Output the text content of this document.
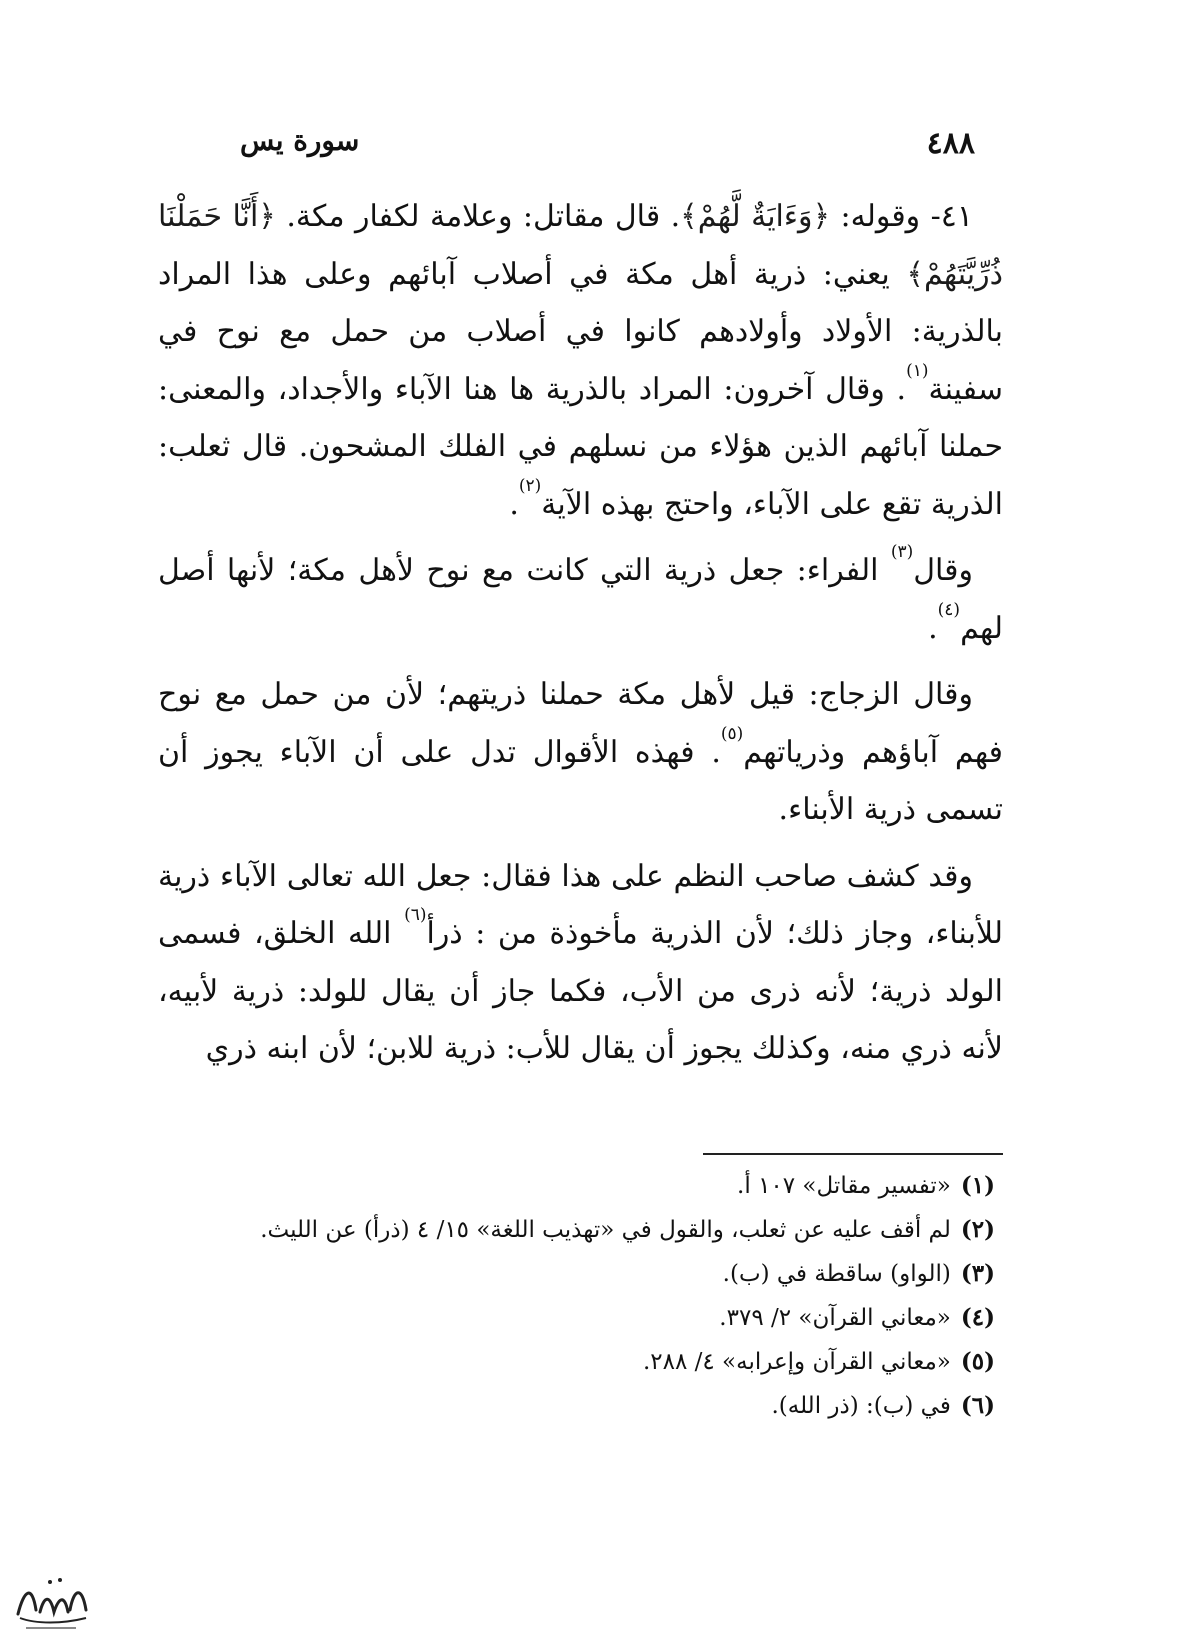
٤٨٨
سورة يس

٤١- وقوله: ﴿وَءَايَةٌ لَّهُمْ﴾. قال مقاتل: وعلامة لكفار مكة. ﴿أَنَّا حَمَلْنَا ذُرِّيَّتَهُمْ﴾ يعني: ذرية أهل مكة في أصلاب آبائهم وعلى هذا المراد بالذرية: الأولاد وأولادهم كانوا في أصلاب من حمل مع نوح في سفينة$^{(١)}$. وقال آخرون: المراد بالذرية ها هنا الآباء والأجداد، والمعنى: حملنا آبائهم الذين هؤلاء من نسلهم في الفلك المشحون. قال ثعلب: الذرية تقع على الآباء، واحتج بهذه الآية$^{(٢)}$.

وقال$^{(٣)}$ الفراء: جعل ذرية التي كانت مع نوح لأهل مكة؛ لأنها أصل لهم$^{(٤)}$.

وقال الزجاج: قيل لأهل مكة حملنا ذريتهم؛ لأن من حمل مع نوح فهم آباؤهم وذرياتهم$^{(٥)}$. فهذه الأقوال تدل على أن الآباء يجوز أن تسمى ذرية الأبناء.

وقد كشف صاحب النظم على هذا فقال: جعل الله تعالى الآباء ذرية للأبناء، وجاز ذلك؛ لأن الذرية مأخوذة من : ذرأ$^{(٦)}$ الله الخلق، فسمى الولد ذرية؛ لأنه ذرى من الأب، فكما جاز أن يقال للولد: ذرية لأبيه، لأنه ذري منه، وكذلك يجوز أن يقال للأب: ذرية للابن؛ لأن ابنه ذري

(١)
«تفسير مقاتل» ١٠٧ أ.

(٢)
لم أقف عليه عن ثعلب، والقول في «تهذيب اللغة» ١٥/ ٤ (ذرأ) عن الليث.

(٣)
(الواو) ساقطة في (ب).

(٤)
«معاني القرآن» ٢/ ٣٧٩.

(٥)
«معاني القرآن وإعرابه» ٤/ ٢٨٨.

(٦)
في (ب): (ذر الله).
